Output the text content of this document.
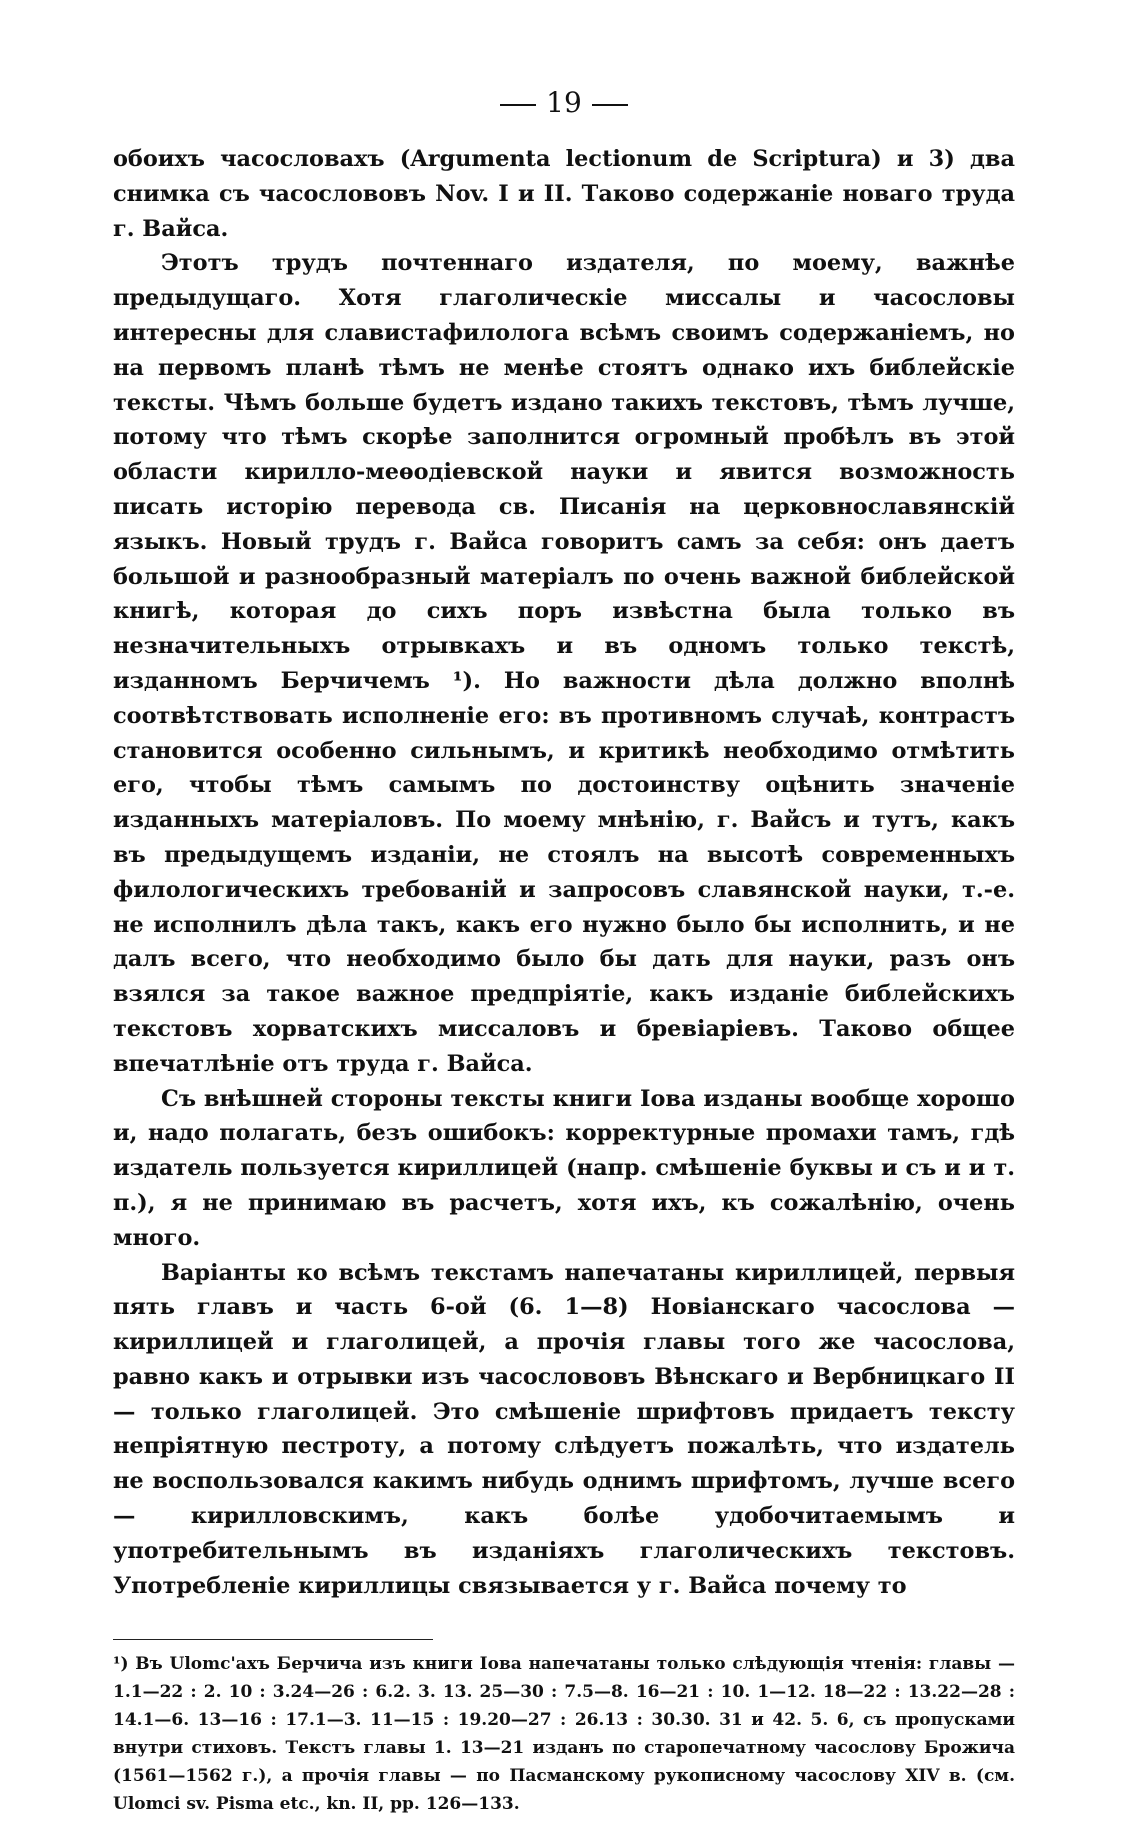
19

обоихъ часословахъ (Argumenta lectionum de Scriptura) и 3) два снимка съ часослововъ Nov. I и II. Таково содержаніе новаго труда г. Вайса.

Этотъ трудъ почтеннаго издателя, по моему, важнѣе предыдущаго. Хотя глаголическіе миссалы и часословы интересны для славистафилолога всѣмъ своимъ содержаніемъ, но на первомъ планѣ тѣмъ не менѣе стоятъ однако ихъ библейскіе тексты. Чѣмъ больше будетъ издано такихъ текстовъ, тѣмъ лучше, потому что тѣмъ скорѣе заполнится огромный пробѣлъ въ этой области кирилло-меѳодіевской науки и явится возможность писать исторію перевода св. Писанія на церковнославянскій языкъ. Новый трудъ г. Вайса говоритъ самъ за себя: онъ даетъ большой и разнообразный матеріалъ по очень важной библейской книгѣ, которая до сихъ поръ извѣстна была только въ незначительныхъ отрывкахъ и въ одномъ только текстѣ, изданномъ Берчичемъ ¹). Но важности дѣла должно вполнѣ соотвѣтствовать исполненіе его: въ противномъ случаѣ, контрастъ становится особенно сильнымъ, и критикѣ необходимо отмѣтить его, чтобы тѣмъ самымъ по достоинству оцѣнить значеніе изданныхъ матеріаловъ. По моему мнѣнію, г. Вайсъ и тутъ, какъ въ предыдущемъ изданіи, не стоялъ на высотѣ современныхъ филологическихъ требованій и запросовъ славянской науки, т.-е. не исполнилъ дѣла такъ, какъ его нужно было бы исполнить, и не далъ всего, что необходимо было бы дать для науки, разъ онъ взялся за такое важное предпріятіе, какъ изданіе библейскихъ текстовъ хорватскихъ миссаловъ и бревіаріевъ. Таково общее впечатлѣніе отъ труда г. Вайса.

Съ внѣшней стороны тексты книги Іова изданы вообще хорошо и, надо полагать, безъ ошибокъ: корректурные промахи тамъ, гдѣ издатель пользуется кириллицей (напр. смѣшеніе буквы и съ и и т. п.), я не принимаю въ расчетъ, хотя ихъ, къ сожалѣнію, очень много.

Варіанты ко всѣмъ текстамъ напечатаны кириллицей, первыя пять главъ и часть 6-ой (6. 1—8) Новіанскаго часослова — кириллицей и глаголицей, а прочія главы того же часослова, равно какъ и отрывки изъ часослововъ Вѣнскаго и Вербницкаго II — только глаголицей. Это смѣшеніе шрифтовъ придаетъ тексту непріятную пестроту, а потому слѣдуетъ пожалѣть, что издатель не воспользовался какимъ нибудь однимъ шрифтомъ, лучше всего — кирилловскимъ, какъ болѣе удобочитаемымъ и употребительнымъ въ изданіяхъ глаголическихъ текстовъ. Употребленіе кириллицы связывается у г. Вайса почему то

¹) Въ Ulomc'ахъ Берчича изъ книги Іова напечатаны только слѣдующія чтенія: главы — 1.1—22 : 2. 10 : 3.24—26 : 6.2. 3. 13. 25—30 : 7.5—8. 16—21 : 10. 1—12. 18—22 : 13.22—28 : 14.1—6. 13—16 : 17.1—3. 11—15 : 19.20—27 : 26.13 : 30.30. 31 и 42. 5. 6, съ пропусками внутри стиховъ. Текстъ главы 1. 13—21 изданъ по старопечатному часослову Брожича (1561—1562 г.), а прочія главы — по Пасманскому рукописному часослову XIV в. (см. Ulomci sv. Pisma etc., kn. II, pp. 126—133.
